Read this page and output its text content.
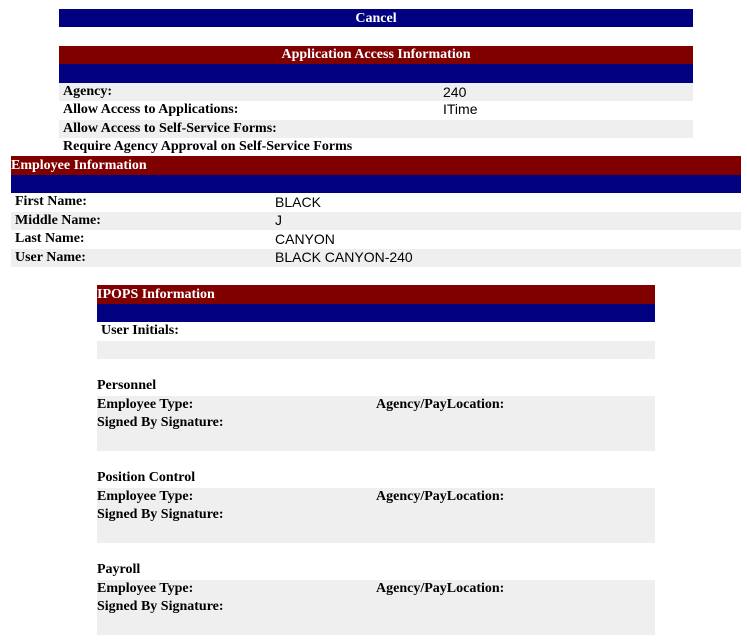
Cancel
Application Access Information
Agency:	240
Allow Access to Applications:	ITime
Allow Access to Self-Service Forms:
Require Agency Approval on Self-Service Forms
Employee Information
First Name:	BLACK
Middle Name:	J
Last Name:	CANYON
User Name:	BLACK CANYON-240
IPOPS Information
User Initials:
Personnel
Employee Type:	Agency/PayLocation:
Signed By Signature:
Position Control
Employee Type:	Agency/PayLocation:
Signed By Signature:
Payroll
Employee Type:	Agency/PayLocation:
Signed By Signature:
